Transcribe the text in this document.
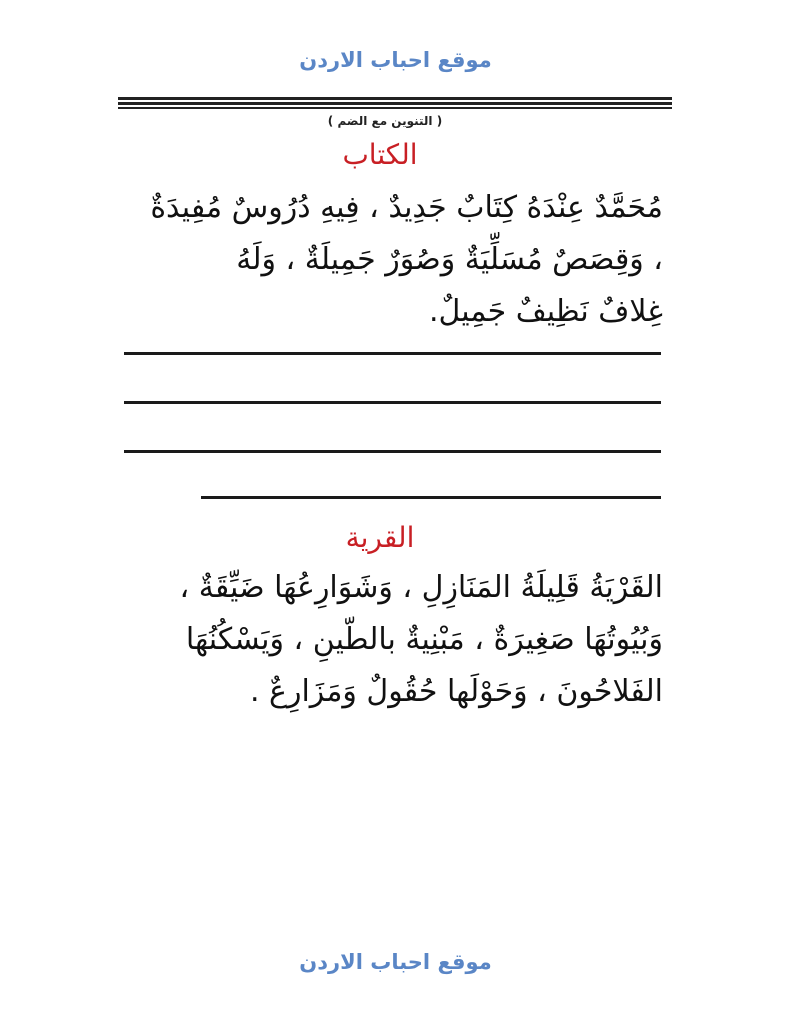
موقع احباب الاردن
( التنوين مع الضم )
الكتاب
مُحَمَّدٌ عِنْدَهُ كِتَابٌ جَدِيدٌ ، فِيهِ دُرُوسٌ مُفِيدَةٌ
، وَقِصَصٌ مُسَلِّيَةٌ وَصُوَرٌ جَمِيلَةٌ ، وَلَهُ
غِلافٌ نَظِيفٌ جَمِيلٌ.
القرية
القَرْيَةُ قَلِيلَةُ المَنَازِلِ ، وَشَوَارِعُهَا ضَيِّقَةٌ ،
وَبُيُوتُهَا صَغِيرَةٌ ، مَبْنِيةٌ بالطّينِ ، وَيَسْكُنُهَا
الفَلاحُونَ ، وَحَوْلَها حُقُولٌ وَمَزَارِعٌ .
موقع احباب الاردن
